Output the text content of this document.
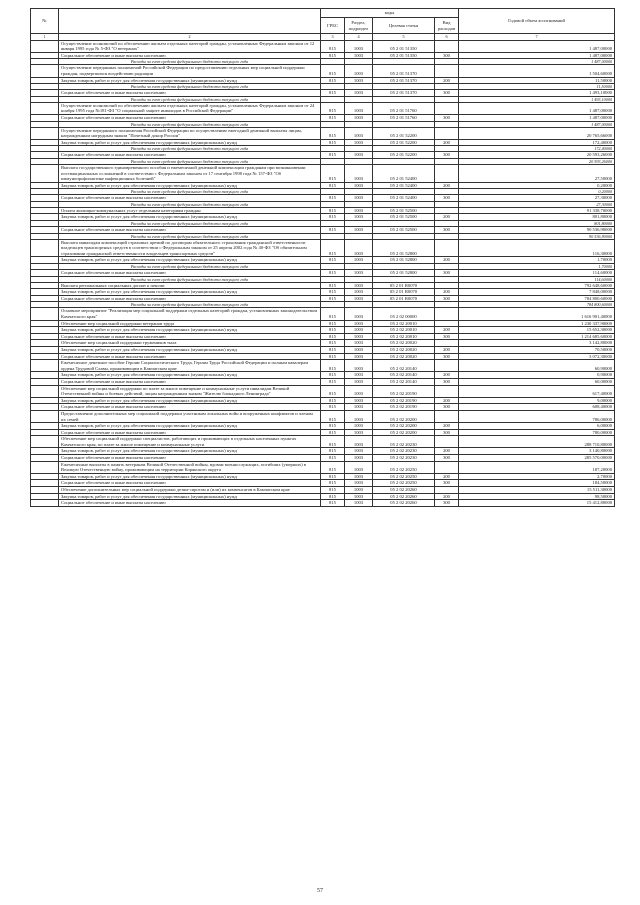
№		коды				Годовой объем ассигнований
		ГРБС	Раздел, подраздел	Целевая статья	Вид расходов	
1	2	3	4	5	6	7
	Осуществление полномочий по обеспечению жильем отдельных категорий граждан, установленных Федеральным законом от 12 января 1995 года № 5-ФЗ "О ветеранах"	815	1003	05 2 01 51350		1 487,00000
	Социальное обеспечение и иные выплаты населению	815	1003	05 2 01 51350	300	1 487,00000
	Расходы за счет средств федерального бюджета текущего года					1 487,00000
	Осуществление переданных полномочий Российской Федерации по предоставлению отдельных мер социальной поддержки граждан, подвергшихся воздействию радиации	815	1003	05 2 01 51370		1 504,60000
	Закупка товаров, работ и услуг для обеспечения государственных (муниципальных) нужд	815	1003	05 2 01 51370	200	11,50000
	Расходы за счет средств федерального бюджета текущего года					11,50000
	Социальное обеспечение и иные выплаты населению	815	1003	05 2 01 51370	300	1 493,10000
	Расходы за счет средств федерального бюджета текущего года					1 493,10000
	Осуществление полномочий по обеспечению жильем отдельных категорий граждан, установленных Федеральным законом от 24 ноября 1995 года №181-ФЗ "О социальной защите инвалидов в Российской Федерации"	815	1003	05 2 01 51760		1 487,00000
	Социальное обеспечение и иные выплаты населению	815	1003	05 2 01 51760	300	1 487,00000
	Расходы за счет средств федерального бюджета текущего года					1 487,00000
	Осуществление переданного полномочия Российской Федерации по осуществлению ежегодной денежной выплаты лицам, награжденным нагрудным знаком "Почетный донор России"	815	1003	05 2 01 52200		20 765,66000
	Закупка товаров, работ и услуг для обеспечения государственных (муниципальных) нужд	815	1003	05 2 01 52200	200	172,40000
	Расходы за счет средств федерального бюджета текущего года					172,40000
	Социальное обеспечение и иные выплаты населению	815	1003	05 2 01 52200	300	20 593,26000
	Расходы за счет средств федерального бюджета текущего года					20 593,26000
	Выплата государственного единовременного пособия и ежемесячной денежной компенсации гражданам при возникновении поствакцинальных осложнений в соответствии с Федеральным законом от 17 сентября 1998 года № 157-ФЗ "Об иммунопрофилактике инфекционных болезней"	815	1003	05 2 01 52400		27,50000
	Закупка товаров, работ и услуг для обеспечения государственных (муниципальных) нужд	815	1003	05 2 01 52400	200	0,20000
	Расходы за счет средств федерального бюджета текущего года					0,20000
	Социальное обеспечение и иные выплаты населению	815	1003	05 2 01 52400	300	27,30000
	Расходы за счет средств федерального бюджета текущего года					27,30000
	Оплата жилищно-коммунальных услуг отдельным категориям граждан	815	1003	05 2 01 52500		91 338,70000
	Закупка товаров, работ и услуг для обеспечения государственных (муниципальных) нужд	815	1003	05 2 01 52500	200	801,80000
	Расходы за счет средств федерального бюджета текущего года					801,80000
	Социальное обеспечение и иные выплаты населению	815	1003	05 2 01 52500	300	90 536,90000
	Расходы за счет средств федерального бюджета текущего года					90 536,90000
	Выплата инвалидам компенсаций страховых премий по договорам обязательного страхования гражданской ответственности владельцев транспортных средств в соответствии с Федеральным законом от 25 апреля 2002 года № 40-ФЗ "Об обязательном страховании гражданской ответственности владельцев транспортных средств"	815	1003	05 2 01 52800		116,30000
	Закупка товаров, работ и услуг для обеспечения государственных (муниципальных) нужд	815	1003	05 2 01 52800	200	1,70000
	Расходы за счет средств федерального бюджета текущего года					1,70000
	Социальное обеспечение и иные выплаты населению	815	1003	05 2 01 52800	300	114,60000
	Расходы за счет средств федерального бюджета текущего года					114,60000
	Выплата региональных социальных доплат к пенсии	815	1003	05 2 01 R0070		792 648,60000
	Закупка товаров, работ и услуг для обеспечения государственных (муниципальных) нужд	815	1003	05 2 01 R0070	200	7 848,00000
	Социальное обеспечение и иные выплаты населению	815	1003	05 2 01 R0070	300	784 800,60000
	Расходы за счет средств федерального бюджета текущего года					784 800,60000
	Основное мероприятие "Реализация мер социальной поддержки отдельных категорий граждан, установленных законодательством Камчатского края"	815	1003	05 2 02 00000		1 616 901,40000
	Обеспечение мер социальной поддержки ветеранов труда	815	1003	05 2 02 20010		1 230 337,90000
	Закупка товаров, работ и услуг для обеспечения государственных (муниципальных) нужд	815	1003	05 2 02 20010	200	15 652,30000
	Социальное обеспечение и иные выплаты населению	815	1003	05 2 02 20010	300	1 214 685,60000
	Обеспечение мер социальной поддержки тружеников тыла	815	1003	05 2 02 20020		3 142,80000
	Закупка товаров, работ и услуг для обеспечения государственных (муниципальных) нужд	815	1003	05 2 02 20020	200	70,50000
	Социальное обеспечение и иные выплаты населению	815	1003	05 2 02 20020	300	3 072,30000
	Ежемесячное денежное пособие Героям Социалистического Труда, Героям Труда Российской Федерации и полным кавалерам ордена Трудовой Славы, проживающим в Камчатском крае	815	1003	05 2 02 20140		60,90000
	Закупка товаров, работ и услуг для обеспечения государственных (муниципальных) нужд	815	1003	05 2 02 20140	200	0,90000
	Социальное обеспечение и иные выплаты населению	815	1003	05 2 02 20140	300	60,00000
	Обеспечение мер социальной поддержки по плате за жилое помещение и коммунальные услуги инвалидам Великой Отечественной войны и боевых действий, лицам награжденным знаком "Жителю блокадного Ленинграда"	815	1003	05 2 02 20190		617,40000
	Закупка товаров, работ и услуг для обеспечения государственных (муниципальных) нужд	815	1003	05 2 02 20190	200	9,00000
	Социальное обеспечение и иные выплаты населению	815	1003	05 2 02 20190	300	608,40000
	Предоставление дополнительных мер социальной поддержки участникам локальных войн и вооруженных конфликтов и членам их семей	815	1003	05 2 02 20200		786,00000
	Закупка товаров, работ и услуг для обеспечения государственных (муниципальных) нужд	815	1003	05 2 02 20200	200	6,00000
	Социальное обеспечение и иные выплаты населению	815	1003	05 2 02 20200	300	780,00000
	Обеспечение мер социальной поддержки специалистов, работающих и проживающих в отдельных населенных пунктах Камчатского края, по плате за жилое помещение и коммунальные услуги	815	1003	05 2 02 20230		288 710,80000
	Закупка товаров, работ и услуг для обеспечения государственных (муниципальных) нужд	815	1003	05 2 02 20230	200	3 140,80000
	Социальное обеспечение и иные выплаты населению	815	1003	05 2 02 20230	300	285 570,00000
	Ежемесячные выплаты в память ветеранам Великой Отечественной войны, вдовам военнослужащих, погибших (умерших) в Великую Отечественную войну, проживающим на территории Корякского округа	815	1003	05 2 02 20250		187,20000
	Закупка товаров, работ и услуг для обеспечения государственных (муниципальных) нужд	815	1003	05 2 02 20250	200	2,70000
	Социальное обеспечение и иные выплаты населению	815	1003	05 2 02 20250	300	184,50000
	Обеспечение дополнительных мер социальной поддержки детям-сиротам и (или) их компенсатов в Камчатском крае	815	1003	05 2 02 20260		15 511,30000
	Закупка товаров, работ и услуг для обеспечения государственных (муниципальных) нужд	815	1003	05 2 02 20260	200	98,50000
	Социальное обеспечение и иные выплаты населению	815	1003	05 2 02 20260	300	15 412,80000
57
